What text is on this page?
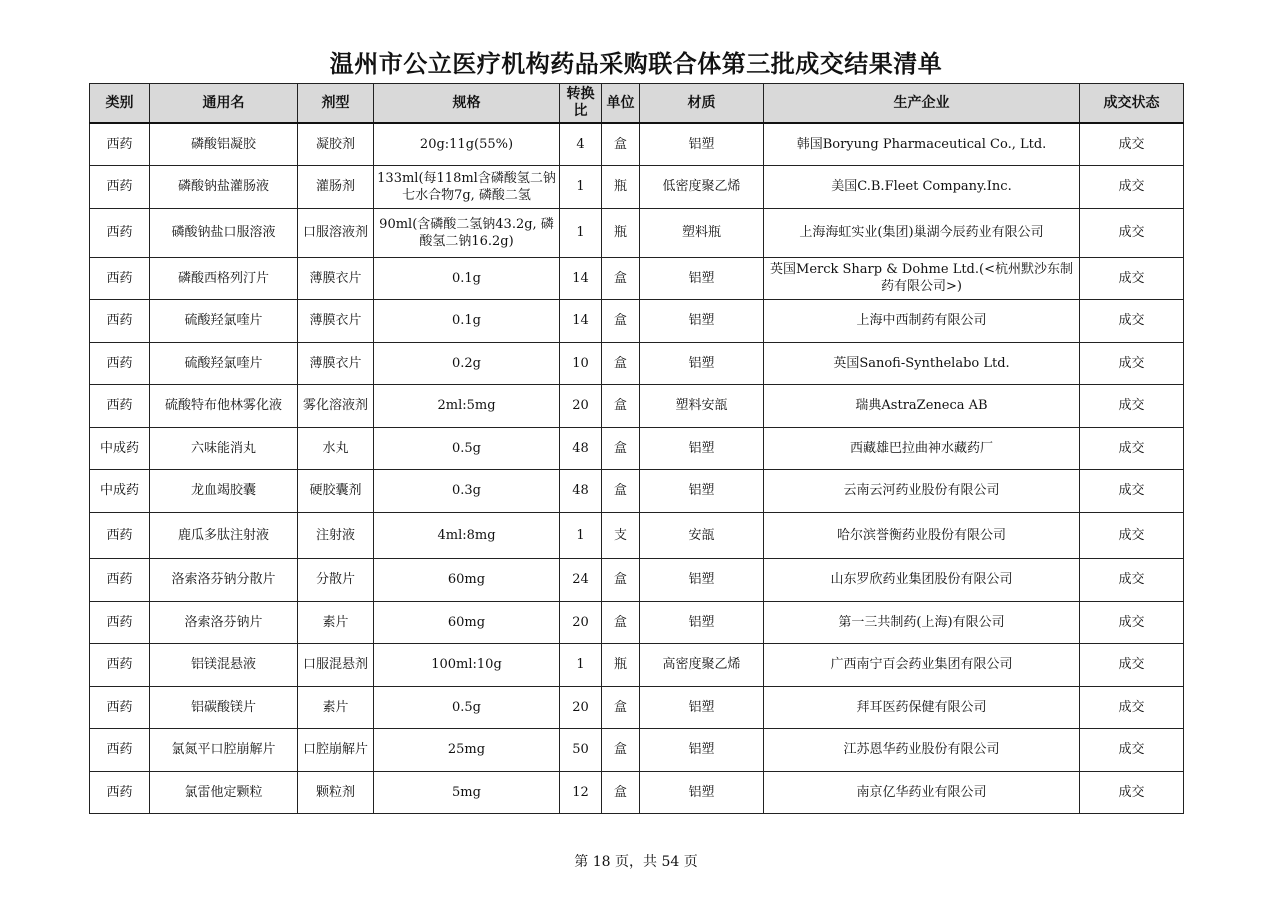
温州市公立医疗机构药品采购联合体第三批成交结果清单
类别	通用名	剂型	规格	转换比	单位	材质	生产企业	成交状态
西药	磷酸铝凝胶	凝胶剂	20g:11g(55%)	4	盒	铝塑	韩国Boryung Pharmaceutical Co., Ltd.	成交
西药	磷酸钠盐灌肠液	灌肠剂	133ml(每118ml含磷酸氢二钠七水合物7g, 磷酸二氢	1	瓶	低密度聚乙烯	美国C.B.Fleet Company.Inc.	成交
西药	磷酸钠盐口服溶液	口服溶液剂	90ml(含磷酸二氢钠43.2g, 磷酸氢二钠16.2g)	1	瓶	塑料瓶	上海海虹实业(集团)巢湖今辰药业有限公司	成交
西药	磷酸西格列汀片	薄膜衣片	0.1g	14	盒	铝塑	英国Merck Sharp & Dohme Ltd.(<杭州默沙东制药有限公司>)	成交
西药	硫酸羟氯喹片	薄膜衣片	0.1g	14	盒	铝塑	上海中西制药有限公司	成交
西药	硫酸羟氯喹片	薄膜衣片	0.2g	10	盒	铝塑	英国Sanofi-Synthelabo Ltd.	成交
西药	硫酸特布他林雾化液	雾化溶液剂	2ml:5mg	20	盒	塑料安瓿	瑞典AstraZeneca AB	成交
中成药	六味能消丸	水丸	0.5g	48	盒	铝塑	西藏雄巴拉曲神水藏药厂	成交
中成药	龙血竭胶囊	硬胶囊剂	0.3g	48	盒	铝塑	云南云河药业股份有限公司	成交
西药	鹿瓜多肽注射液	注射液	4ml:8mg	1	支	安瓿	哈尔滨誉衡药业股份有限公司	成交
西药	洛索洛芬钠分散片	分散片	60mg	24	盒	铝塑	山东罗欣药业集团股份有限公司	成交
西药	洛索洛芬钠片	素片	60mg	20	盒	铝塑	第一三共制药(上海)有限公司	成交
西药	铝镁混悬液	口服混悬剂	100ml:10g	1	瓶	高密度聚乙烯	广西南宁百会药业集团有限公司	成交
西药	铝碳酸镁片	素片	0.5g	20	盒	铝塑	拜耳医药保健有限公司	成交
西药	氯氮平口腔崩解片	口腔崩解片	25mg	50	盒	铝塑	江苏恩华药业股份有限公司	成交
西药	氯雷他定颗粒	颗粒剂	5mg	12	盒	铝塑	南京亿华药业有限公司	成交
第 18 页，共 54 页
